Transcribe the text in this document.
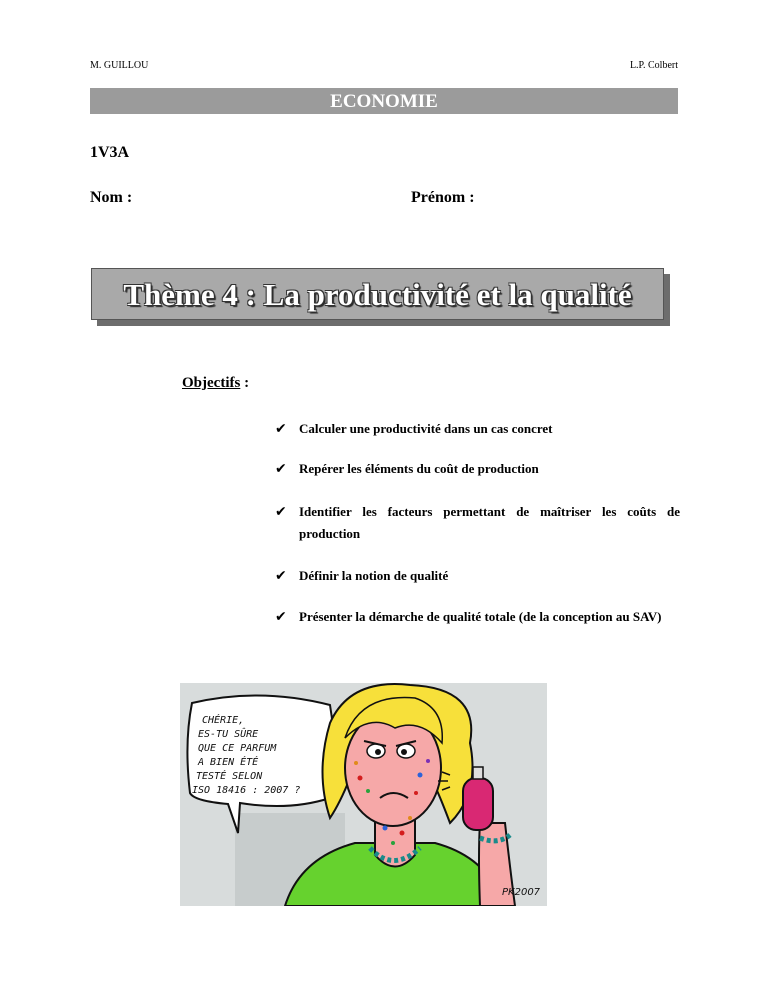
M. GUILLOU	L.P. Colbert
ECONOMIE
1V3A
Nom :	Prénom :
Thème 4 : La productivité et la qualité
Objectifs :
✔ Calculer une productivité dans un cas concret
✔ Repérer les éléments du coût de production
✔ Identifier les facteurs permettant de maîtriser les coûts de production
✔ Définir la notion de qualité
✔ Présenter la démarche de qualité totale (de la conception au SAV)
CHÉRIE,
ES-TU SÛRE
QUE CE PARFUM
A BIEN ÉTÉ
TESTÉ SELON
ISO 18416 : 2007 ?
PK2007
